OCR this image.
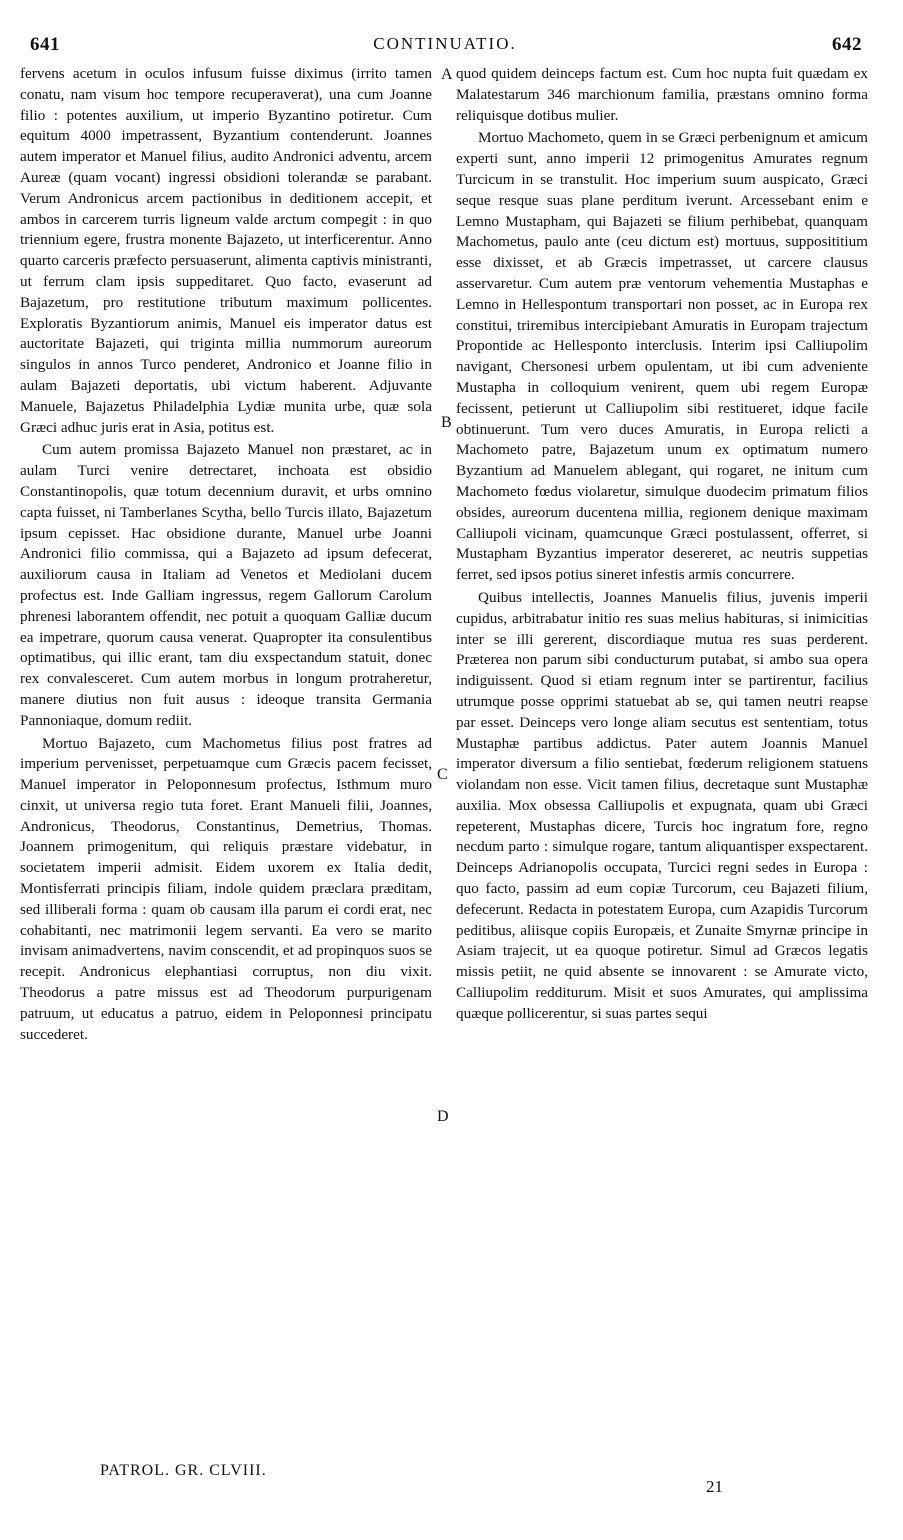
641	CONTINUATIO.	642

fervens acetum in oculos infusum fuisse diximus (irrito tamen conatu, nam visum hoc tempore recuperaverat), una cum Joanne filio : potentes auxilium, ut imperio Byzantino potiretur. Cum equitum 4000 impetrassent, Byzantium contenderunt. Joannes autem imperator et Manuel filius, audito Andronici adventu, arcem Aureæ (quam vocant) ingressi obsidioni tolerandæ se parabant. Verum Andronicus arcem pactionibus in deditionem accepit, et ambos in carcerem turris ligneum valde arctum compegit : in quo triennium egere, frustra monente Bajazeto, ut interficerentur. Anno quarto carceris præfecto persuaserunt, alimenta captivis ministranti, ut ferrum clam ipsis suppeditaret. Quo facto, evaserunt ad Bajazetum, pro restitutione tributum maximum pollicentes. Exploratis Byzantiorum animis, Manuel eis imperator datus est auctoritate Bajazeti, qui triginta millia nummorum aureorum singulos in annos Turco penderet, Andronico et Joanne filio in aulam Bajazeti deportatis, ubi victum haberent. Adjuvante Manuele, Bajazetus Philadelphia Lydiæ munita urbe, quæ sola Græci adhuc juris erat in Asia, potitus est.

Cum autem promissa Bajazeto Manuel non præstaret, ac in aulam Turci venire detrectaret, inchoata est obsidio Constantinopolis, quæ totum decennium duravit, et urbs omnino capta fuisset, ni Tamberlanes Scytha, bello Turcis illato, Bajazetum ipsum cepisset. Hac obsidione durante, Manuel urbe Joanni Andronici filio commissa, qui a Bajazeto ad ipsum defecerat, auxiliorum causa in Italiam ad Venetos et Mediolani ducem profectus est. Inde Galliam ingressus, regem Gallorum Carolum phrenesi laborantem offendit, nec potuit a quoquam Galliæ ducum ea impetrare, quorum causa venerat. Quapropter ita consulentibus optimatibus, qui illic erant, tam diu exspectandum statuit, donec rex convalesceret. Cum autem morbus in longum protraheretur, manere diutius non fuit ausus : ideoque transita Germania Pannoniaque, domum rediit.

Mortuo Bajazeto, cum Machometus filius post fratres ad imperium pervenisset, perpetuamque cum Græcis pacem fecisset, Manuel imperator in Peloponnesum profectus, Isthmum muro cinxit, ut universa regio tuta foret. Erant Manueli filii, Joannes, Andronicus, Theodorus, Constantinus, Demetrius, Thomas. Joannem primogenitum, qui reliquis præstare videbatur, in societatem imperii admisit. Eidem uxorem ex Italia dedit, Montisferrati principis filiam, indole quidem præclara præditam, sed illiberali forma : quam ob causam illa parum ei cordi erat, nec cohabitanti, nec matrimonii legem servanti. Ea vero se marito invisam animadvertens, navim conscendit, et ad propinquos suos se recepit. Andronicus elephantiasi corruptus, non diu vixit. Theodorus a patre missus est ad Theodorum purpurigenam patruum, ut educatus a patruo, eidem in Peloponnesi principatu succederet.

A
B
C
D

quod quidem deinceps factum est. Cum hoc nupta fuit quædam ex Malatestarum 346 marchionum familia, præstans omnino forma reliquisque dotibus mulier.

Mortuo Machometo, quem in se Græci perbenignum et amicum experti sunt, anno imperii 12 primogenitus Amurates regnum Turcicum in se transtulit. Hoc imperium suum auspicato, Græci seque resque suas plane perditum iverunt. Arcessebant enim e Lemno Mustapham, qui Bajazeti se filium perhibebat, quanquam Machometus, paulo ante (ceu dictum est) mortuus, supposititium esse dixisset, et ab Græcis impetrasset, ut carcere clausus asservaretur. Cum autem præ ventorum vehementia Mustaphas e Lemno in Hellespontum transportari non posset, ac in Europa rex constitui, triremibus intercipiebant Amuratis in Europam trajectum Propontide ac Hellesponto interclusis. Interim ipsi Calliupolim navigant, Chersonesi urbem opulentam, ut ibi cum adveniente Mustapha in colloquium venirent, quem ubi regem Europæ fecissent, petierunt ut Calliupolim sibi restitueret, idque facile obtinuerunt. Tum vero duces Amuratis, in Europa relicti a Machometo patre, Bajazetum unum ex optimatum numero Byzantium ad Manuelem ablegant, qui rogaret, ne initum cum Machometo fœdus violaretur, simulque duodecim primatum filios obsides, aureorum ducentena millia, regionem denique maximam Calliupoli vicinam, quamcunque Græci postulassent, offerret, si Mustapham Byzantius imperator desereret, ac neutris suppetias ferret, sed ipsos potius sineret infestis armis concurrere.

Quibus intellectis, Joannes Manuelis filius, juvenis imperii cupidus, arbitrabatur initio res suas melius habituras, si inimicitias inter se illi gererent, discordiaque mutua res suas perderent. Præterea non parum sibi conducturum putabat, si ambo sua opera indiguissent. Quod si etiam regnum inter se partirentur, facilius utrumque posse opprimi statuebat ab se, qui tamen neutri reapse par esset. Deinceps vero longe aliam secutus est sententiam, totus Mustaphæ partibus addictus. Pater autem Joannis Manuel imperator diversum a filio sentiebat, fœderum religionem statuens violandam non esse. Vicit tamen filius, decretaque sunt Mustaphæ auxilia. Mox obsessa Calliupolis et expugnata, quam ubi Græci repeterent, Mustaphas dicere, Turcis hoc ingratum fore, regno necdum parto : simulque rogare, tantum aliquantisper exspectarent. Deinceps Adrianopolis occupata, Turcici regni sedes in Europa : quo facto, passim ad eum copiæ Turcorum, ceu Bajazeti filium, defecerunt. Redacta in potestatem Europa, cum Azapidis Turcorum peditibus, aliisque copiis Europæis, et Zunaite Smyrnæ principe in Asiam trajecit, ut ea quoque potiretur. Simul ad Græcos legatis missis petiit, ne quid absente se innovarent : se Amurate victo, Calliupolim redditurum. Misit et suos Amurates, qui amplissima quæque pollicerentur, si suas partes sequi

PATROL. GR. CLVIII.
21
